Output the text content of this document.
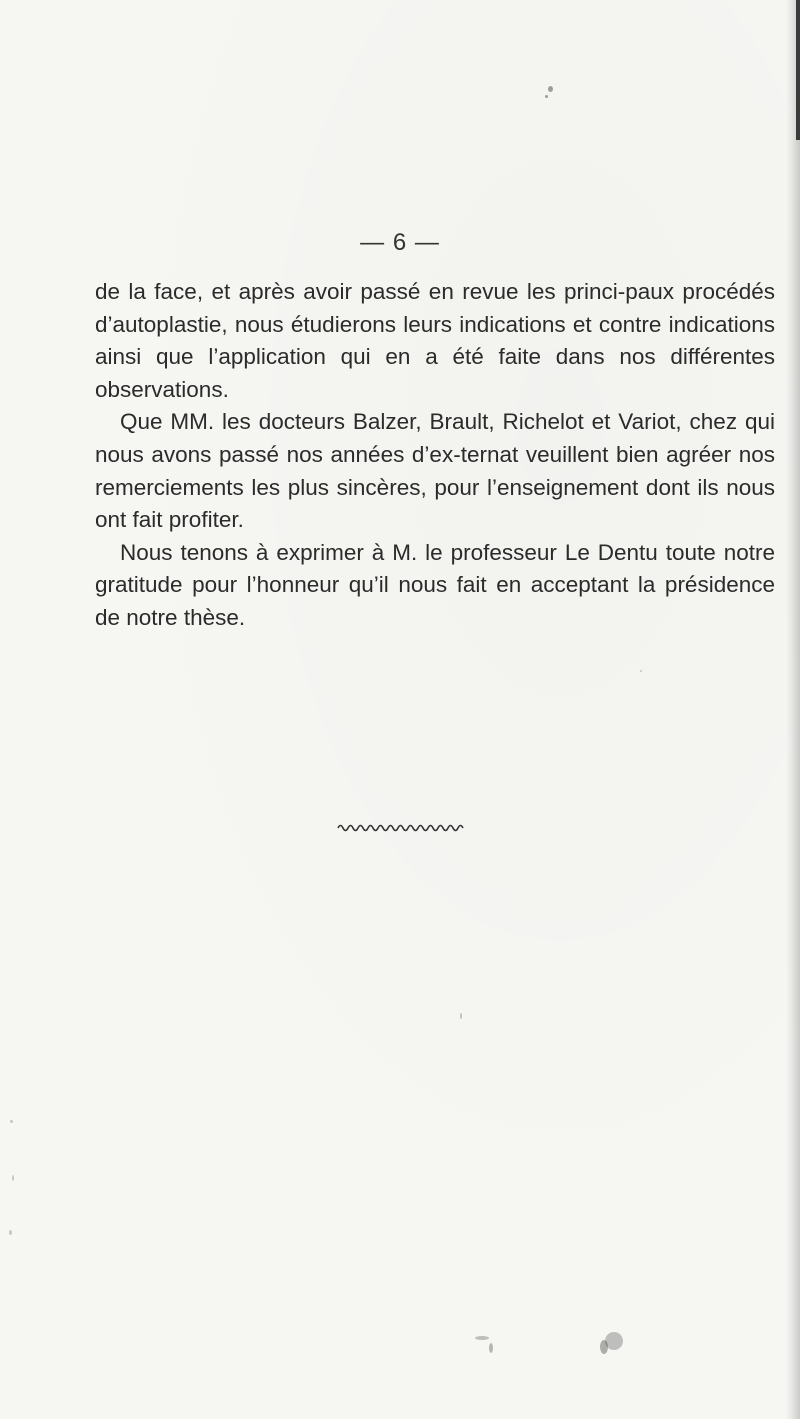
— 6 —

de la face, et après avoir passé en revue les princi-paux procédés d’autoplastie, nous étudierons leurs indications et contre indications ainsi que l’application qui en a été faite dans nos différentes observations.

Que MM. les docteurs Balzer, Brault, Richelot et Variot, chez qui nous avons passé nos années d’ex-ternat veuillent bien agréer nos remerciements les plus sincères, pour l’enseignement dont ils nous ont fait profiter.

Nous tenons à exprimer à M. le professeur Le Dentu toute notre gratitude pour l’honneur qu’il nous fait en acceptant la présidence de notre thèse.
